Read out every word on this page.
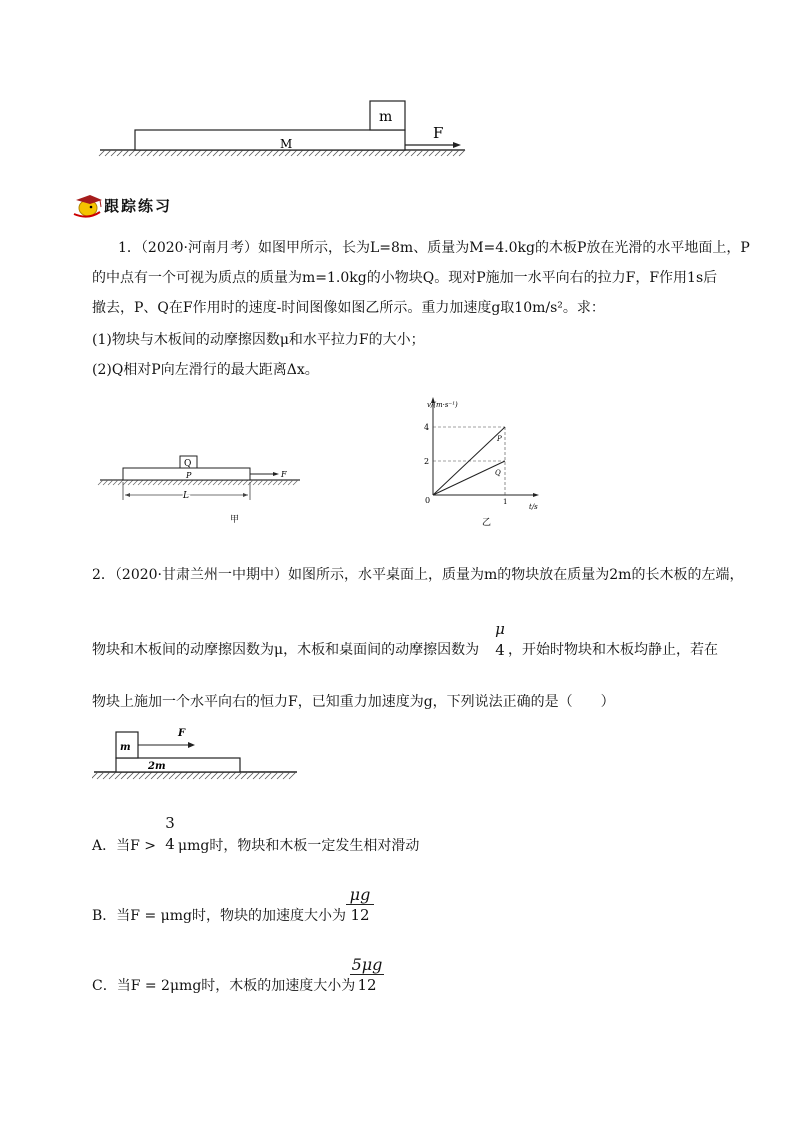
m
M
F
跟踪练习
1．（2020·河南月考）如图甲所示，长为L=8m、质量为M=4.0kg的木板P放在光滑的水平地面上，P
的中点有一个可视为质点的质量为m=1.0kg的小物块Q。现对P施加一水平向右的拉力F，F作用1s后
撤去，P、Q在F作用时的速度-时间图像如图乙所示。重力加速度g取10m/s²。求：
(1)物块与木板间的动摩擦因数μ和水平拉力F的大小；
(2)Q相对P向左滑行的最大距离Δx。
Q
P	F
L
甲
4
2
1
0
v/(m·s⁻¹)
t/s
P
Q
乙
2．（2020·甘肃兰州一中期中）如图所示，水平桌面上，质量为m的物块放在质量为2m的长木板的左端，
物块和木板间的动摩擦因数为μ，木板和桌面间的动摩擦因数为
μ
4 ，开始时物块和木板均静止，若在
物块上施加一个水平向右的恒力F，已知重力加速度为g，下列说法正确的是（　　）
m
2m
F
A．当F >
3
4 μmg时，物块和木板一定发生相对滑动
B．当F = μmg时，物块的加速度大小为 $\frac{\mu g}{12}$
C．当F = 2μmg时，木板的加速度大小为
$\frac{5\mu g}{12}$
